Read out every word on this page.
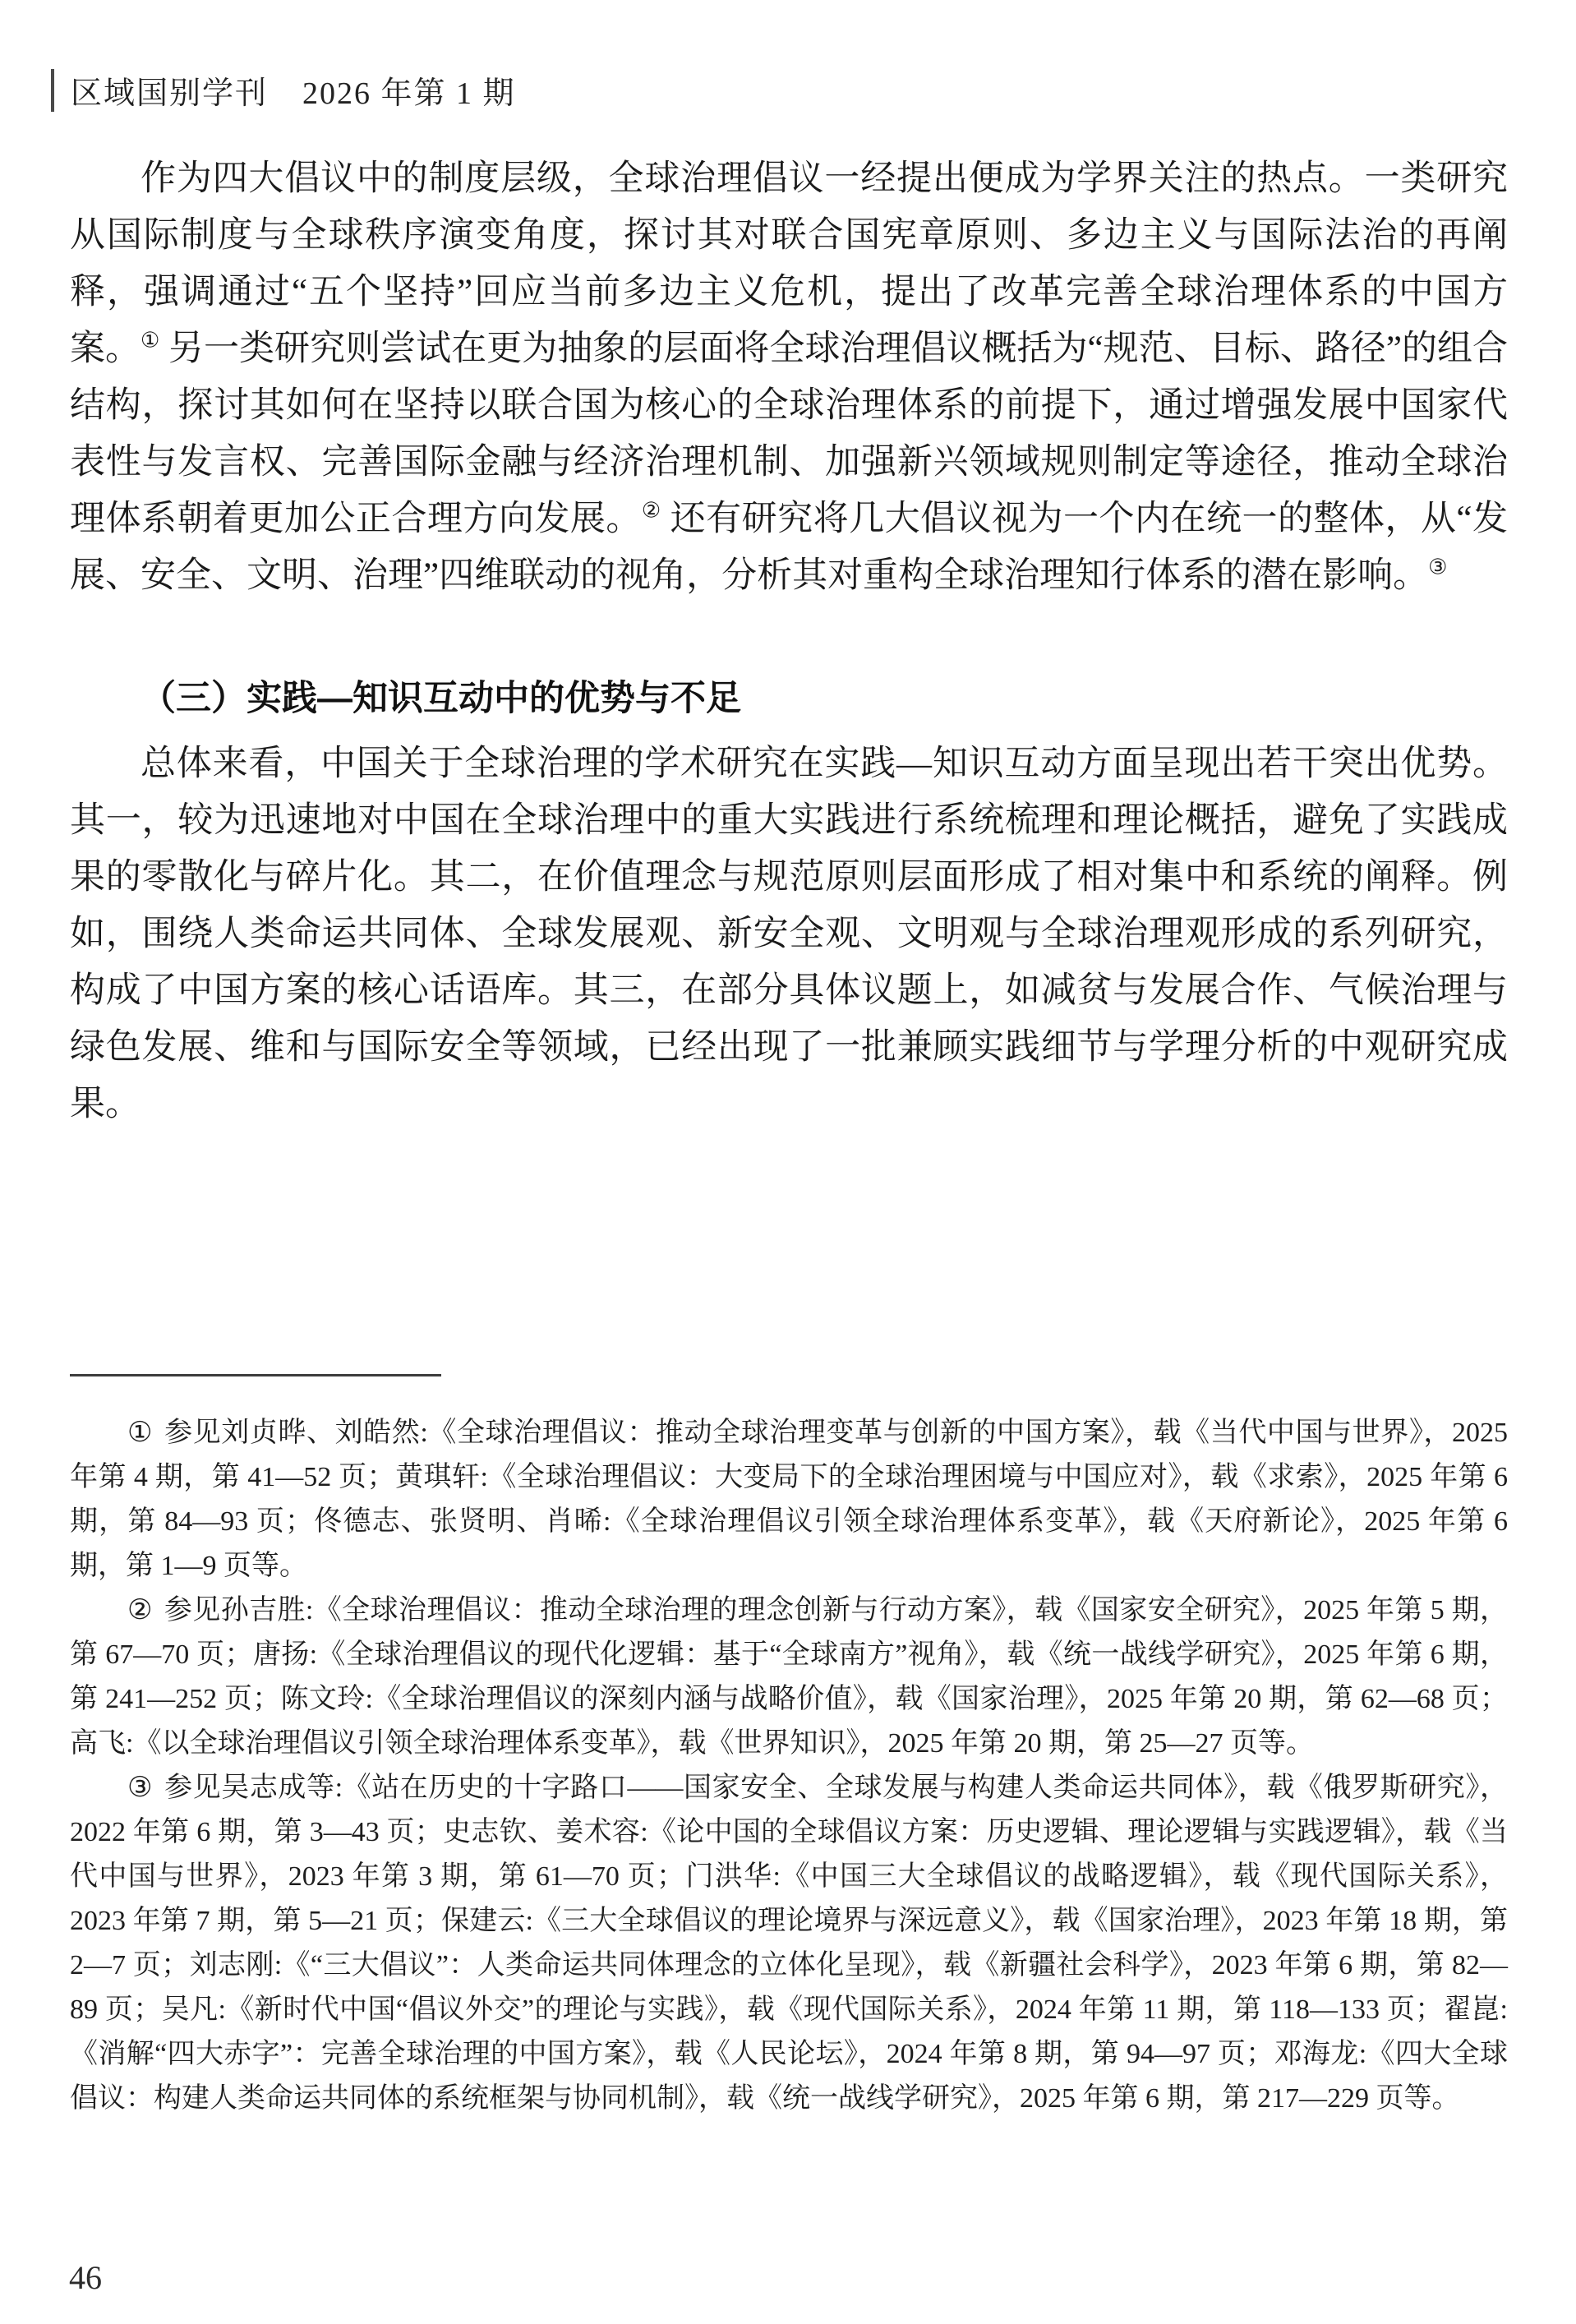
区域国别学刊 2026 年第 1 期

作为四大倡议中的制度层级，全球治理倡议一经提出便成为学界关注的热点。一类研究从国际制度与全球秩序演变角度，探讨其对联合国宪章原则、多边主义与国际法治的再阐释，强调通过“五个坚持”回应当前多边主义危机，提出了改革完善全球治理体系的中国方案。① 另一类研究则尝试在更为抽象的层面将全球治理倡议概括为“规范、目标、路径”的组合结构，探讨其如何在坚持以联合国为核心的全球治理体系的前提下，通过增强发展中国家代表性与发言权、完善国际金融与经济治理机制、加强新兴领域规则制定等途径，推动全球治理体系朝着更加公正合理方向发展。② 还有研究将几大倡议视为一个内在统一的整体，从“发展、安全、文明、治理”四维联动的视角，分析其对重构全球治理知行体系的潜在影响。③

（三）实践—知识互动中的优势与不足

总体来看，中国关于全球治理的学术研究在实践—知识互动方面呈现出若干突出优势。其一，较为迅速地对中国在全球治理中的重大实践进行系统梳理和理论概括，避免了实践成果的零散化与碎片化。其二，在价值理念与规范原则层面形成了相对集中和系统的阐释。例如，围绕人类命运共同体、全球发展观、新安全观、文明观与全球治理观形成的系列研究，构成了中国方案的核心话语库。其三，在部分具体议题上，如减贫与发展合作、气候治理与绿色发展、维和与国际安全等领域，已经出现了一批兼顾实践细节与学理分析的中观研究成果。

① 参见刘贞晔、刘皓然:《全球治理倡议：推动全球治理变革与创新的中国方案》，载《当代中国与世界》，2025 年第 4 期，第 41—52 页；黄琪轩:《全球治理倡议：大变局下的全球治理困境与中国应对》，载《求索》，2025 年第 6 期，第 84—93 页；佟德志、张贤明、肖晞:《全球治理倡议引领全球治理体系变革》，载《天府新论》，2025 年第 6 期，第 1—9 页等。

② 参见孙吉胜:《全球治理倡议：推动全球治理的理念创新与行动方案》，载《国家安全研究》，2025 年第 5 期，第 67—70 页；唐扬:《全球治理倡议的现代化逻辑：基于“全球南方”视角》，载《统一战线学研究》，2025 年第 6 期，第 241—252 页；陈文玲:《全球治理倡议的深刻内涵与战略价值》，载《国家治理》，2025 年第 20 期，第 62—68 页；高飞:《以全球治理倡议引领全球治理体系变革》，载《世界知识》，2025 年第 20 期，第 25—27 页等。

③ 参见吴志成等:《站在历史的十字路口——国家安全、全球发展与构建人类命运共同体》，载《俄罗斯研究》，2022 年第 6 期，第 3—43 页；史志钦、姜术容:《论中国的全球倡议方案：历史逻辑、理论逻辑与实践逻辑》，载《当代中国与世界》，2023 年第 3 期，第 61—70 页；门洪华:《中国三大全球倡议的战略逻辑》，载《现代国际关系》，2023 年第 7 期，第 5—21 页；保建云:《三大全球倡议的理论境界与深远意义》，载《国家治理》，2023 年第 18 期，第 2—7 页；刘志刚:《“三大倡议”：人类命运共同体理念的立体化呈现》，载《新疆社会科学》，2023 年第 6 期，第 82—89 页；吴凡:《新时代中国“倡议外交”的理论与实践》，载《现代国际关系》，2024 年第 11 期，第 118—133 页；翟崑:《消解“四大赤字”：完善全球治理的中国方案》，载《人民论坛》，2024 年第 8 期，第 94—97 页；邓海龙:《四大全球倡议：构建人类命运共同体的系统框架与协同机制》，载《统一战线学研究》，2025 年第 6 期，第 217—229 页等。

46
